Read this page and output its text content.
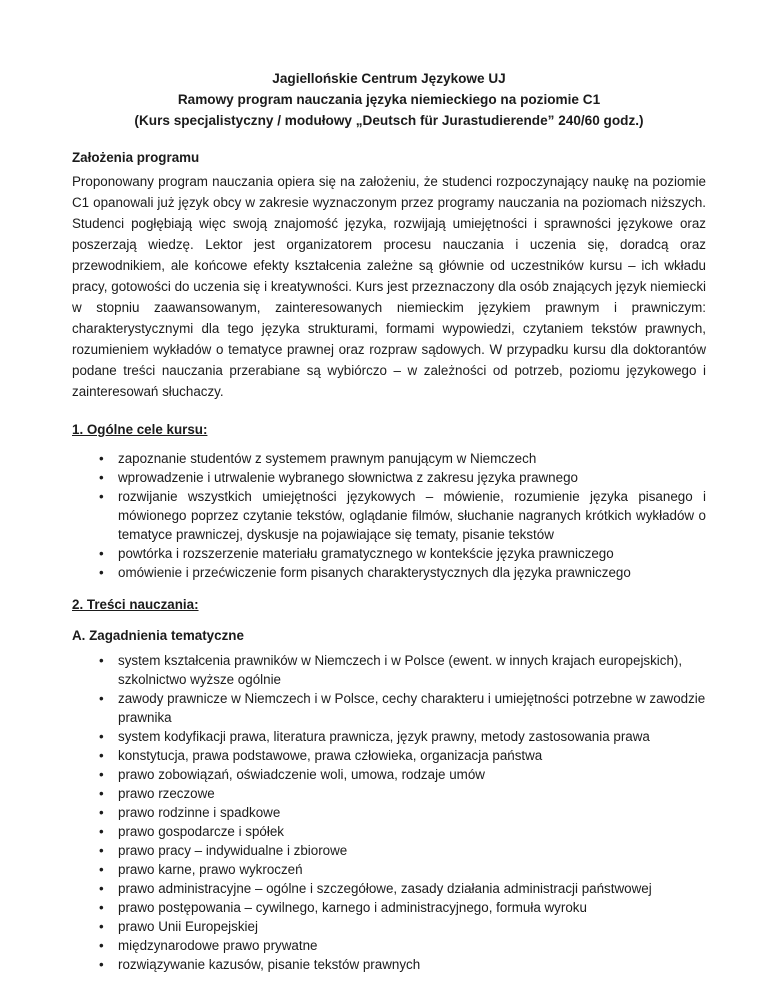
Jagiellońskie Centrum Językowe UJ
Ramowy program nauczania języka niemieckiego na poziomie C1
(Kurs specjalistyczny / modułowy „Deutsch für Jurastudierende” 240/60 godz.)
Założenia programu

Proponowany program nauczania opiera się na założeniu, że studenci rozpoczynający naukę na poziomie C1 opanowali już język obcy w zakresie wyznaczonym przez programy nauczania na poziomach niższych. Studenci pogłębiają więc swoją znajomość języka, rozwijają umiejętności i sprawności językowe oraz poszerzają wiedzę. Lektor jest organizatorem procesu nauczania i uczenia się, doradcą oraz przewodnikiem, ale końcowe efekty kształcenia zależne są głównie od uczestników kursu – ich wkładu pracy, gotowości do uczenia się i kreatywności. Kurs jest przeznaczony dla osób znających język niemiecki w stopniu zaawansowanym, zainteresowanych niemieckim językiem prawnym i prawniczym: charakterystycznymi dla tego języka strukturami, formami wypowiedzi, czytaniem tekstów prawnych, rozumieniem wykładów o tematyce prawnej oraz rozpraw sądowych. W przypadku kursu dla doktorantów podane treści nauczania przerabiane są wybiórczo – w zależności od potrzeb, poziomu językowego i zainteresowań słuchaczy.

1. Ogólne cele kursu:
• zapoznanie studentów z systemem prawnym panującym w Niemczech
• wprowadzenie i utrwalenie wybranego słownictwa z zakresu języka prawnego
• rozwijanie wszystkich umiejętności językowych – mówienie, rozumienie języka pisanego i mówionego poprzez czytanie tekstów, oglądanie filmów, słuchanie nagranych krótkich wykładów o tematyce prawniczej, dyskusje na pojawiające się tematy, pisanie tekstów
• powtórka i rozszerzenie materiału gramatycznego w kontekście języka prawniczego
• omówienie i przećwiczenie form pisanych charakterystycznych dla języka prawniczego
2. Treści nauczania:
A. Zagadnienia tematyczne
• system kształcenia prawników w Niemczech i w Polsce (ewent. w innych krajach europejskich), szkolnictwo wyższe ogólnie
• zawody prawnicze w Niemczech i w Polsce, cechy charakteru i umiejętności potrzebne w zawodzie prawnika
• system kodyfikacji prawa, literatura prawnicza, język prawny, metody zastosowania prawa
• konstytucja, prawa podstawowe, prawa człowieka, organizacja państwa
• prawo zobowiązań, oświadczenie woli, umowa, rodzaje umów
• prawo rzeczowe
• prawo rodzinne i spadkowe
• prawo gospodarcze i spółek
• prawo pracy – indywidualne i zbiorowe
• prawo karne, prawo wykroczeń
• prawo administracyjne – ogólne i szczegółowe, zasady działania administracji państwowej
• prawo postępowania – cywilnego, karnego i administracyjnego, formuła wyroku
• prawo Unii Europejskiej
• międzynarodowe prawo prywatne
• rozwiązywanie kazusów, pisanie tekstów prawnych
